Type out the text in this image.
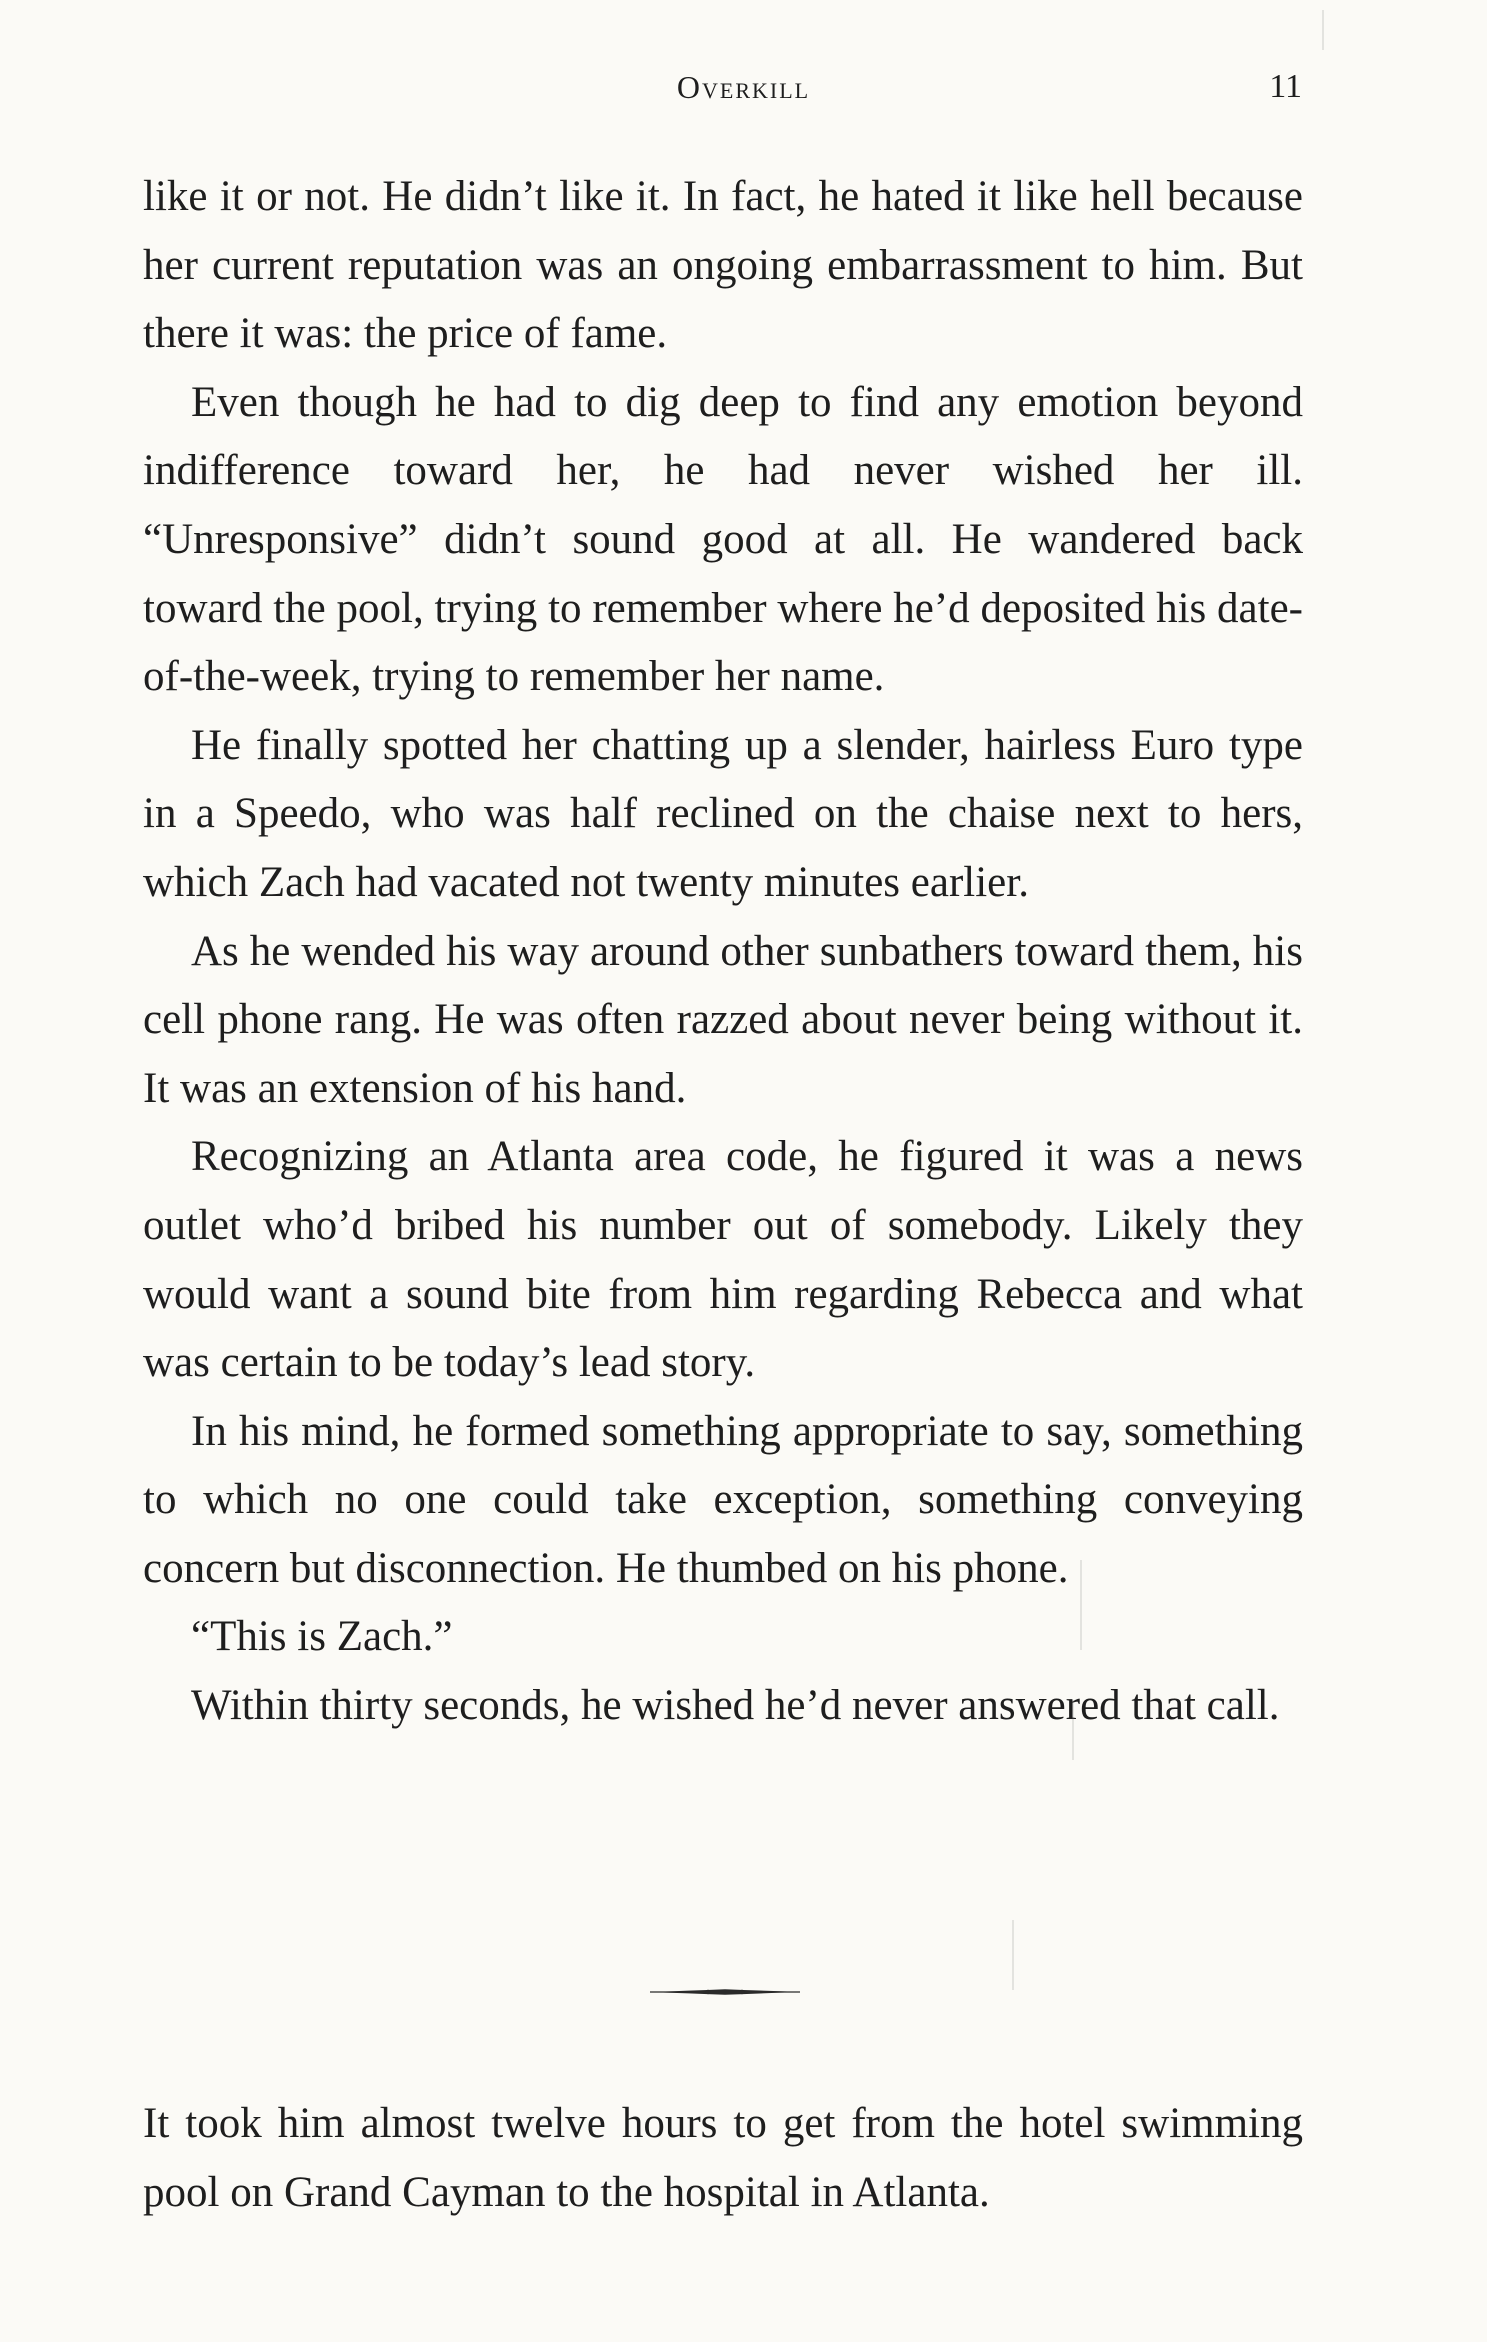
Overkill	11

like it or not. He didn’t like it. In fact, he hated it like hell because her current reputation was an ongoing embarrassment to him. But there it was: the price of fame.

Even though he had to dig deep to find any emotion beyond indifference toward her, he had never wished her ill. “Unresponsive” didn’t sound good at all. He wandered back toward the pool, trying to remember where he’d deposited his date-of-the-week, trying to remember her name.

He finally spotted her chatting up a slender, hairless Euro type in a Speedo, who was half reclined on the chaise next to hers, which Zach had vacated not twenty minutes earlier.

As he wended his way around other sunbathers toward them, his cell phone rang. He was often razzed about never being without it. It was an extension of his hand.

Recognizing an Atlanta area code, he figured it was a news outlet who’d bribed his number out of somebody. Likely they would want a sound bite from him regarding Rebecca and what was certain to be today’s lead story.

In his mind, he formed something appropriate to say, something to which no one could take exception, something conveying concern but disconnection. He thumbed on his phone.

“This is Zach.”

Within thirty seconds, he wished he’d never answered that call.

It took him almost twelve hours to get from the hotel swimming pool on Grand Cayman to the hospital in Atlanta.
